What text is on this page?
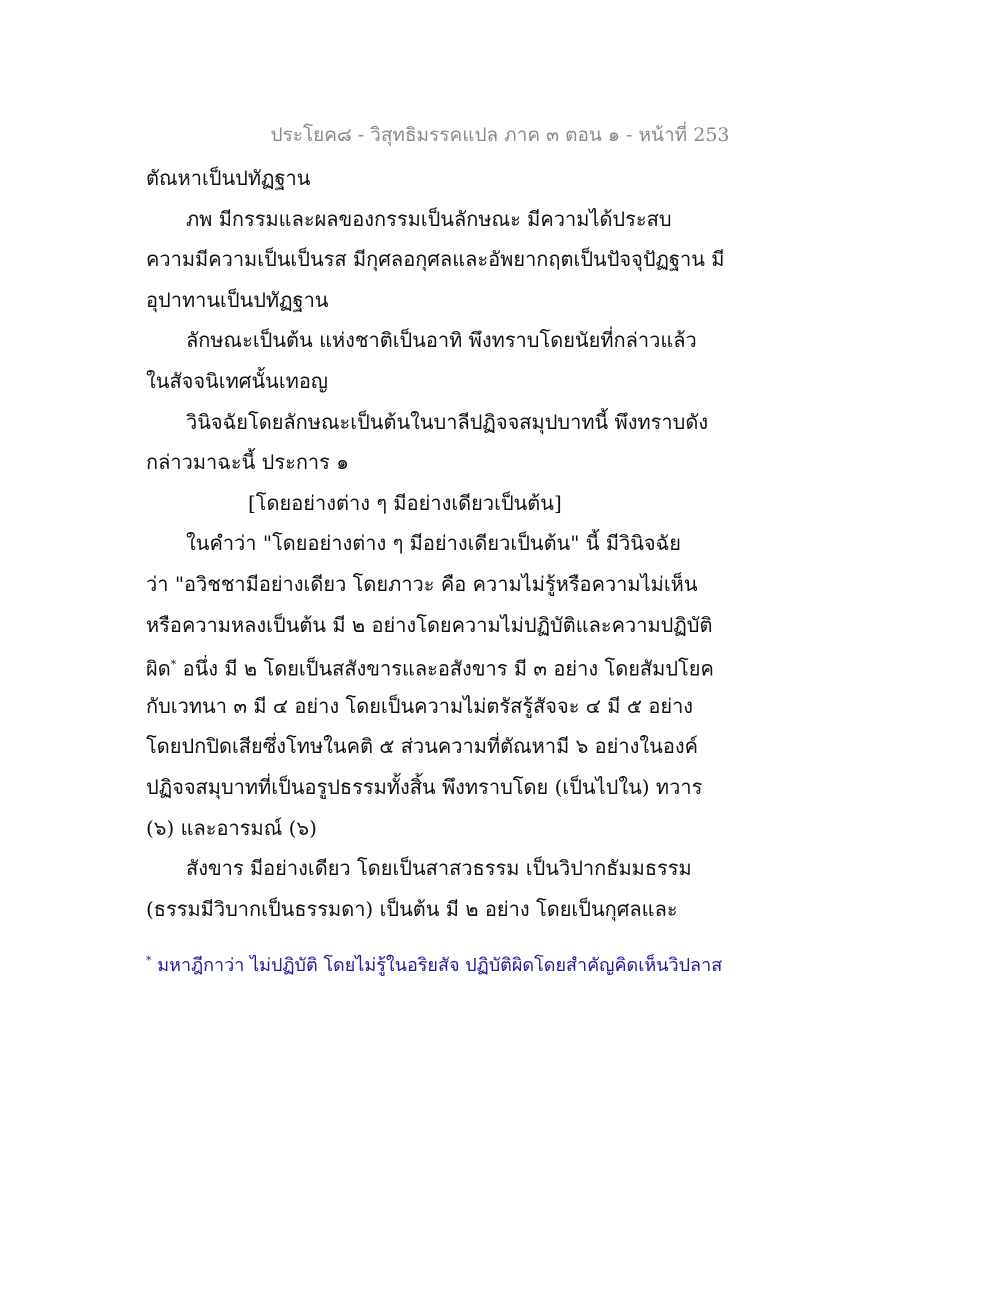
ประโยค๘ - วิสุทธิมรรคแปล ภาค ๓ ตอน ๑ - หน้าที่ 253
ตัณหาเป็นปทัฏฐาน
ภพ มีกรรมและผลของกรรมเป็นลักษณะ มีความได้ประสบ
ความมีความเป็นเป็นรส มีกุศลอกุศลและอัพยากฤตเป็นปัจจุปัฏฐาน มี
อุปาทานเป็นปทัฏฐาน
ลักษณะเป็นต้น แห่งชาติเป็นอาทิ พึงทราบโดยนัยที่กล่าวแล้ว
ในสัจจนิเทศนั้นเทอญ
วินิจฉัยโดยลักษณะเป็นต้นในบาลีปฏิจจสมุปบาทนี้ พึงทราบดัง
กล่าวมาฉะนี้ ประการ ๑
[โดยอย่างต่าง ๆ มีอย่างเดียวเป็นต้น]
ในคำว่า "โดยอย่างต่าง ๆ มีอย่างเดียวเป็นต้น" นี้ มีวินิจฉัย
ว่า "อวิชชามีอย่างเดียว โดยภาวะ คือ ความไม่รู้หรือความไม่เห็น
หรือความหลงเป็นต้น มี ๒ อย่างโดยความไม่ปฏิบัติและความปฏิบัติ
ผิด* อนึ่ง มี ๒ โดยเป็นสสังขารและอสังขาร มี ๓ อย่าง โดยสัมปโยค
กับเวทนา ๓ มี ๔ อย่าง โดยเป็นความไม่ตรัสรู้สัจจะ ๔ มี ๕ อย่าง
โดยปกปิดเสียซึ่งโทษในคติ ๕ ส่วนความที่ตัณหามี ๖ อย่างในองค์
ปฏิจจสมุบาทที่เป็นอรูปธรรมทั้งสิ้น พึงทราบโดย (เป็นไปใน) ทวาร
(๖) และอารมณ์ (๖)
สังขาร มีอย่างเดียว โดยเป็นสาสวธรรม เป็นวิปากธัมมธรรม
(ธรรมมีวิบากเป็นธรรมดา) เป็นต้น มี ๒ อย่าง โดยเป็นกุศลและ
* มหาฎีกาว่า ไม่ปฏิบัติ โดยไม่รู้ในอริยสัจ ปฏิบัติผิดโดยสำคัญคิดเห็นวิปลาส
